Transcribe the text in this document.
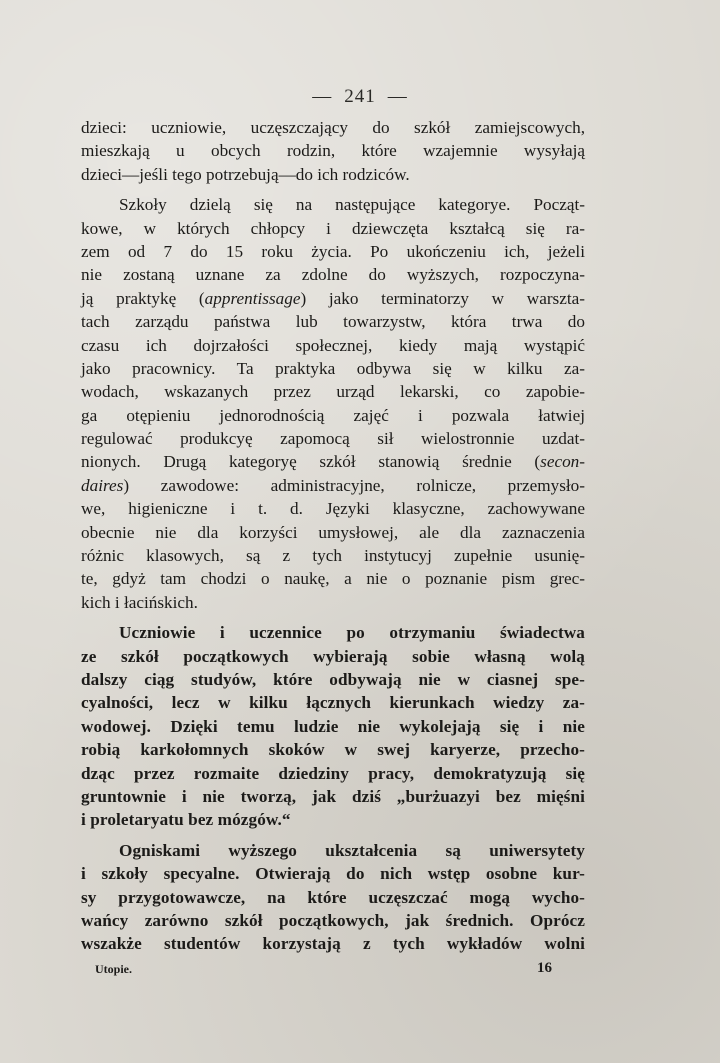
— 241 —
dzieci: uczniowie, uczęszczający do szkół zamiejscowych,
mieszkają u obcych rodzin, które wzajemnie wysyłają
dzieci—jeśli tego potrzebują—do ich rodziców.
Szkoły dzielą się na następujące kategorye. Począt-
kowe, w których chłopcy i dziewczęta kształcą się ra-
zem od 7 do 15 roku życia. Po ukończeniu ich, jeżeli
nie zostaną uznane za zdolne do wyższych, rozpoczyna-
ją praktykę (apprentissage) jako terminatorzy w warszta-
tach zarządu państwa lub towarzystw, która trwa do
czasu ich dojrzałości społecznej, kiedy mają wystąpić
jako pracownicy. Ta praktyka odbywa się w kilku za-
wodach, wskazanych przez urząd lekarski, co zapobie-
ga otępieniu jednorodnością zajęć i pozwala łatwiej
regulować produkcyę zapomocą sił wielostronnie uzdat-
nionych. Drugą kategoryę szkół stanowią średnie (secon-
daires) zawodowe: administracyjne, rolnicze, przemysło-
we, higieniczne i t. d. Języki klasyczne, zachowywane
obecnie nie dla korzyści umysłowej, ale dla zaznaczenia
różnic klasowych, są z tych instytucyj zupełnie usunię-
te, gdyż tam chodzi o naukę, a nie o poznanie pism grec-
kich i łacińskich.
Uczniowie i uczennice po otrzymaniu świadectwa
ze szkół początkowych wybierają sobie własną wolą
dalszy ciąg studyów, które odbywają nie w ciasnej spe-
cyalności, lecz w kilku łącznych kierunkach wiedzy za-
wodowej. Dzięki temu ludzie nie wykolejają się i nie
robią karkołomnych skoków w swej karyerze, przecho-
dząc przez rozmaite dziedziny pracy, demokratyzują się
gruntownie i nie tworzą, jak dziś „burżuazyi bez mięśni
i proletaryatu bez mózgów.“
Ogniskami wyższego ukształcenia są uniwersytety
i szkoły specyalne. Otwierają do nich wstęp osobne kur-
sy przygotowawcze, na które uczęszczać mogą wycho-
wańcy zarówno szkół początkowych, jak średnich. Oprócz
wszakże studentów korzystają z tych wykładów wolni
Utopie.	16
